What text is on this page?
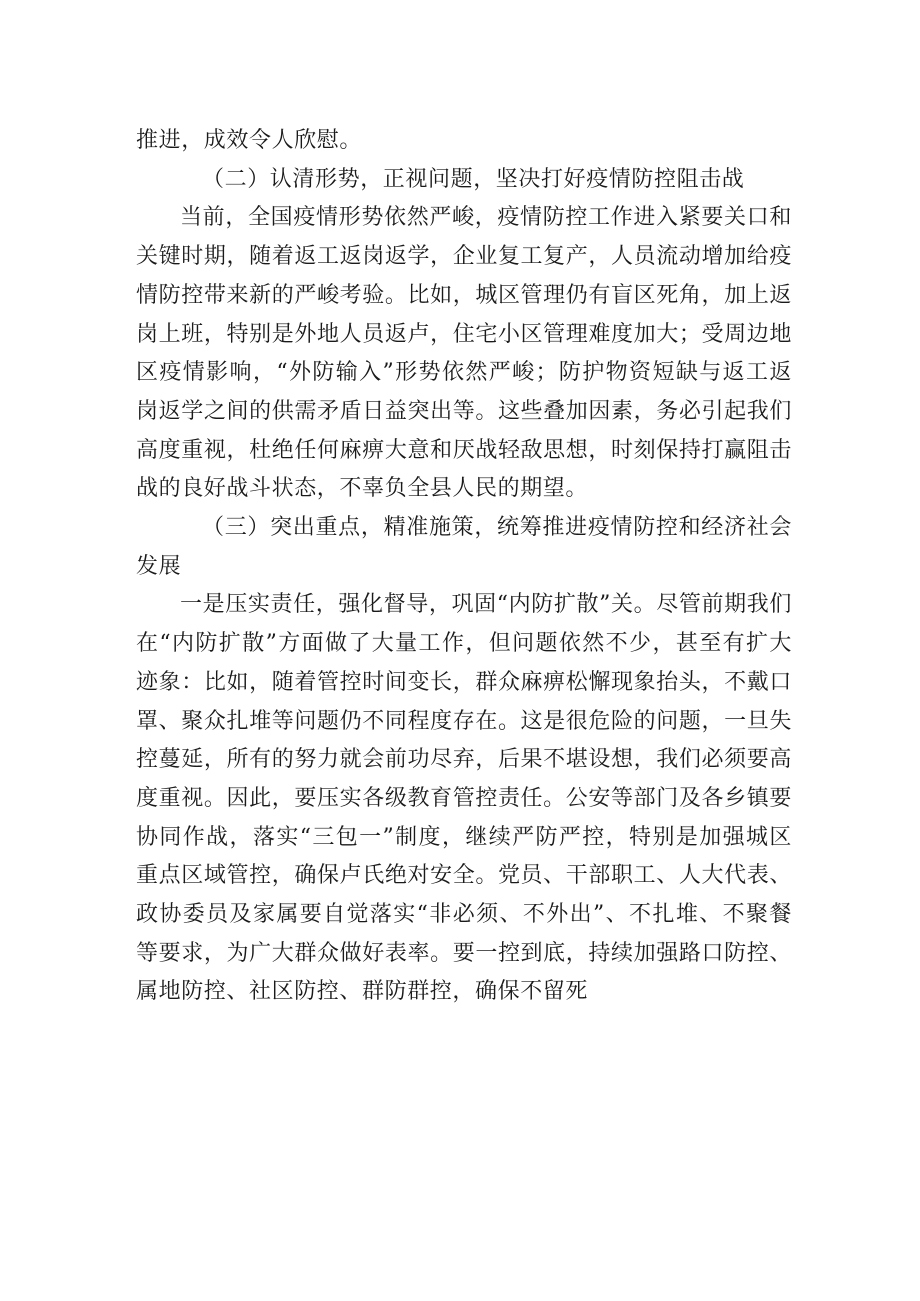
推进，成效令人欣慰。

（二）认清形势，正视问题，坚决打好疫情防控阻击战

当前，全国疫情形势依然严峻，疫情防控工作进入紧要关口和关键时期，随着返工返岗返学，企业复工复产，人员流动增加给疫情防控带来新的严峻考验。比如，城区管理仍有盲区死角，加上返岗上班，特别是外地人员返卢，住宅小区管理难度加大；受周边地区疫情影响，“外防输入”形势依然严峻；防护物资短缺与返工返岗返学之间的供需矛盾日益突出等。这些叠加因素，务必引起我们高度重视，杜绝任何麻痹大意和厌战轻敌思想，时刻保持打赢阻击战的良好战斗状态，不辜负全县人民的期望。

（三）突出重点，精准施策，统筹推进疫情防控和经济社会发展

一是压实责任，强化督导，巩固“内防扩散”关。尽管前期我们在“内防扩散”方面做了大量工作，但问题依然不少，甚至有扩大迹象：比如，随着管控时间变长，群众麻痹松懈现象抬头，不戴口罩、聚众扎堆等问题仍不同程度存在。这是很危险的问题，一旦失控蔓延，所有的努力就会前功尽弃，后果不堪设想，我们必须要高度重视。因此，要压实各级教育管控责任。公安等部门及各乡镇要协同作战，落实“三包一”制度，继续严防严控，特别是加强城区重点区域管控，确保卢氏绝对安全。党员、干部职工、人大代表、政协委员及家属要自觉落实“非必须、不外出”、不扎堆、不聚餐等要求，为广大群众做好表率。要一控到底，持续加强路口防控、属地防控、社区防控、群防群控，确保不留死
